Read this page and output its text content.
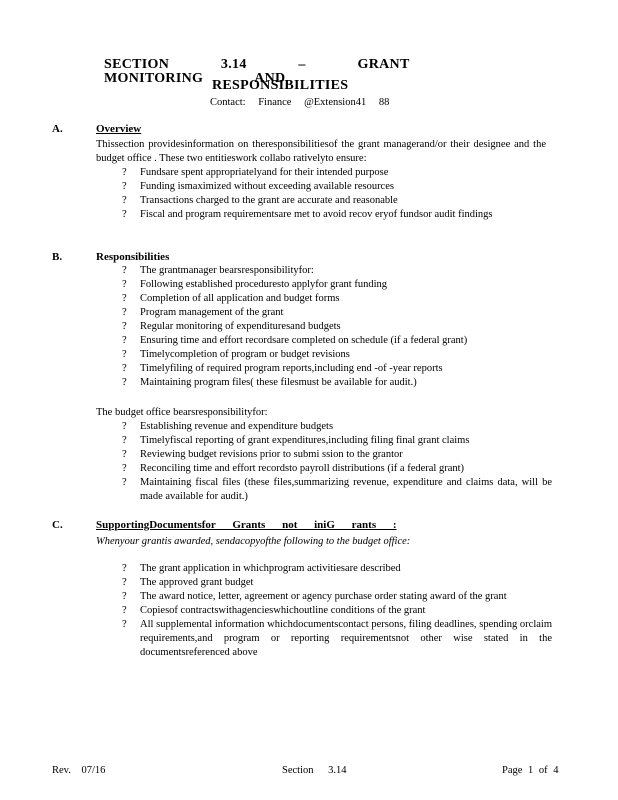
SECTION 3.14 – GRANT MONITORING AND
RESPONSIBILITIES
Contact: Finance @Extension41 88
A.	Overview
Thissection providesinformation on theresponsibilitiesof the grant managerand/or their designee and the budget office . These two entitieswork collabo rativelyto ensure:
? Fundsare spent appropriatelyand for their intended purpose
? Funding ismaximized without exceeding available resources
? Transactions charged to the grant are accurate and reasonable
? Fiscal and program requirementsare met to avoid recov eryof fundsor audit findings
B.	Responsibilities
? The grantmanager bearsresponsibilityfor:
? Following established proceduresto applyfor grant funding
? Completion of all application and budget forms
? Program management of the grant
? Regular monitoring of expendituresand budgets
? Ensuring time and effort recordsare completed on schedule (if a federal grant)
? Timelycompletion of program or budget revisions
? Timelyfiling of required program reports,including end -of -year reports
? Maintaining program files( these filesmust be available for audit.)
The budget office bearsresponsibilityfor:
? Establishing revenue and expenditure budgets
? Timelyfiscal reporting of grant expenditures,including filing final grant claims
? Reviewing budget revisions prior to submi ssion to the grantor
? Reconciling time and effort recordsto payroll distributions (if a federal grant)
? Maintaining fiscal files (these files,summarizing revenue, expenditure and claims data, will be made available for audit.)
C.	SupportingDocumentsfor Grants not iniG rants :
Whenyour grantis awarded, sendacopyofthe following to the budget office:
? The grant application in whichprogram activitiesare described
? The approved grant budget
? The award notice, letter, agreement or agency purchase order stating award of the grant
? Copiesof contractswithagencieswhichoutline conditions of the grant
? All supplemental information whichdocumentscontact persons, filing deadlines, spending orclaim requirements,and program or reporting requirementsnot other wise stated in the documentsreferenced above
Rev. 07/16	Section 3.14	Page 1 of 4
